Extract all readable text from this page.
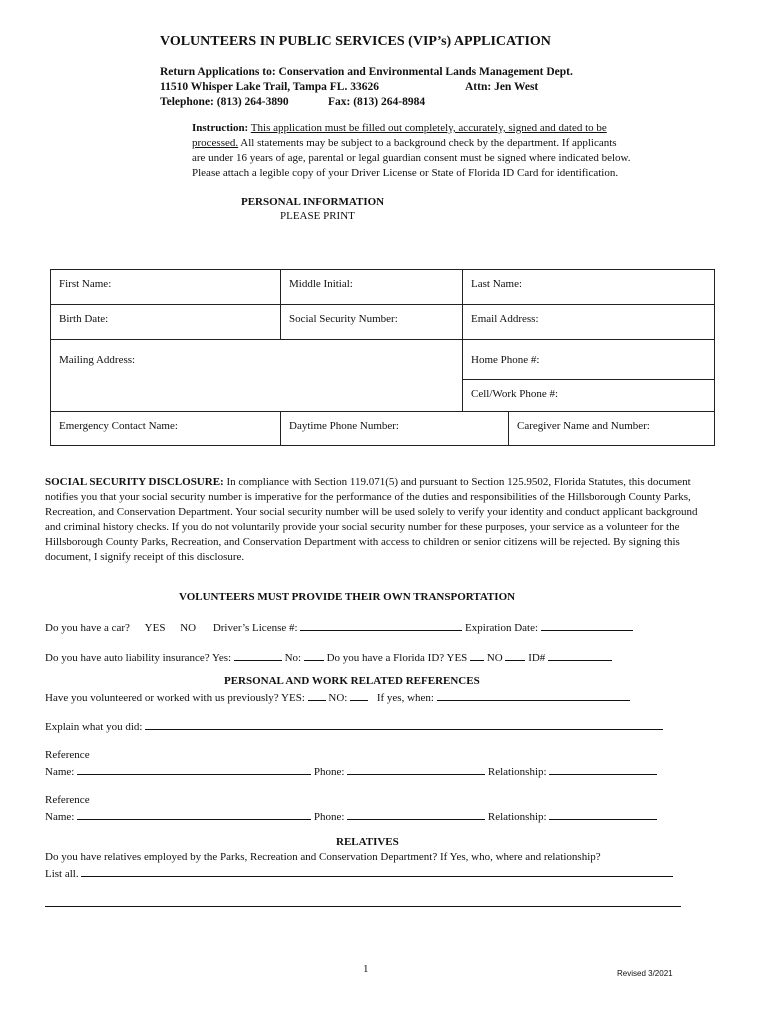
VOLUNTEERS IN PUBLIC SERVICES (VIP’s) APPLICATION
Return Applications to: Conservation and Environmental Lands Management Dept.
11510 Whisper Lake Trail, Tampa FL. 33626	Attn: Jen West
Telephone: (813) 264-3890	Fax: (813) 264-8984
Instruction: This application must be filled out completely, accurately, signed and dated to be processed. All statements may be subject to a background check by the department. If applicants are under 16 years of age, parental or legal guardian consent must be signed where indicated below. Please attach a legible copy of your Driver License or State of Florida ID Card for identification.
PERSONAL INFORMATION
PLEASE PRINT
First Name:	Middle Initial:	Last Name:	
Birth Date:	Social Security Number:	Email Address:	
Mailing Address:		Home Phone #:	
		Cell/Work Phone #:	
Emergency Contact Name:	Daytime Phone Number:		Caregiver Name and Number:
SOCIAL SECURITY DISCLOSURE: In compliance with Section 119.071(5) and pursuant to Section 125.9502, Florida Statutes, this document notifies you that your social security number is imperative for the performance of the duties and responsibilities of the Hillsborough County Parks, Recreation, and Conservation Department. Your social security number will be used solely to verify your identity and conduct applicant background and criminal history checks. If you do not voluntarily provide your social security number for these purposes, your service as a volunteer for the Hillsborough County Parks, Recreation, and Conservation Department with access to children or senior citizens will be rejected. By signing this document, I signify receipt of this disclosure.
VOLUNTEERS MUST PROVIDE THEIR OWN TRANSPORTATION
Do you have a car? YES NO Driver’s License #:	Expiration Date:
Do you have auto liability insurance? Yes:	No: Do you have a Florida ID? YES NO ID#
PERSONAL AND WORK RELATED REFERENCES
Have you volunteered or worked with us previously? YES: NO:	If yes, when:
Explain what you did:
Reference
Name:	Phone:	Relationship:
Reference
Name:	Phone:	Relationship:
RELATIVES
Do you have relatives employed by the Parks, Recreation and Conservation Department? If Yes, who, where and relationship?
List all.
1	Revised 3/2021
